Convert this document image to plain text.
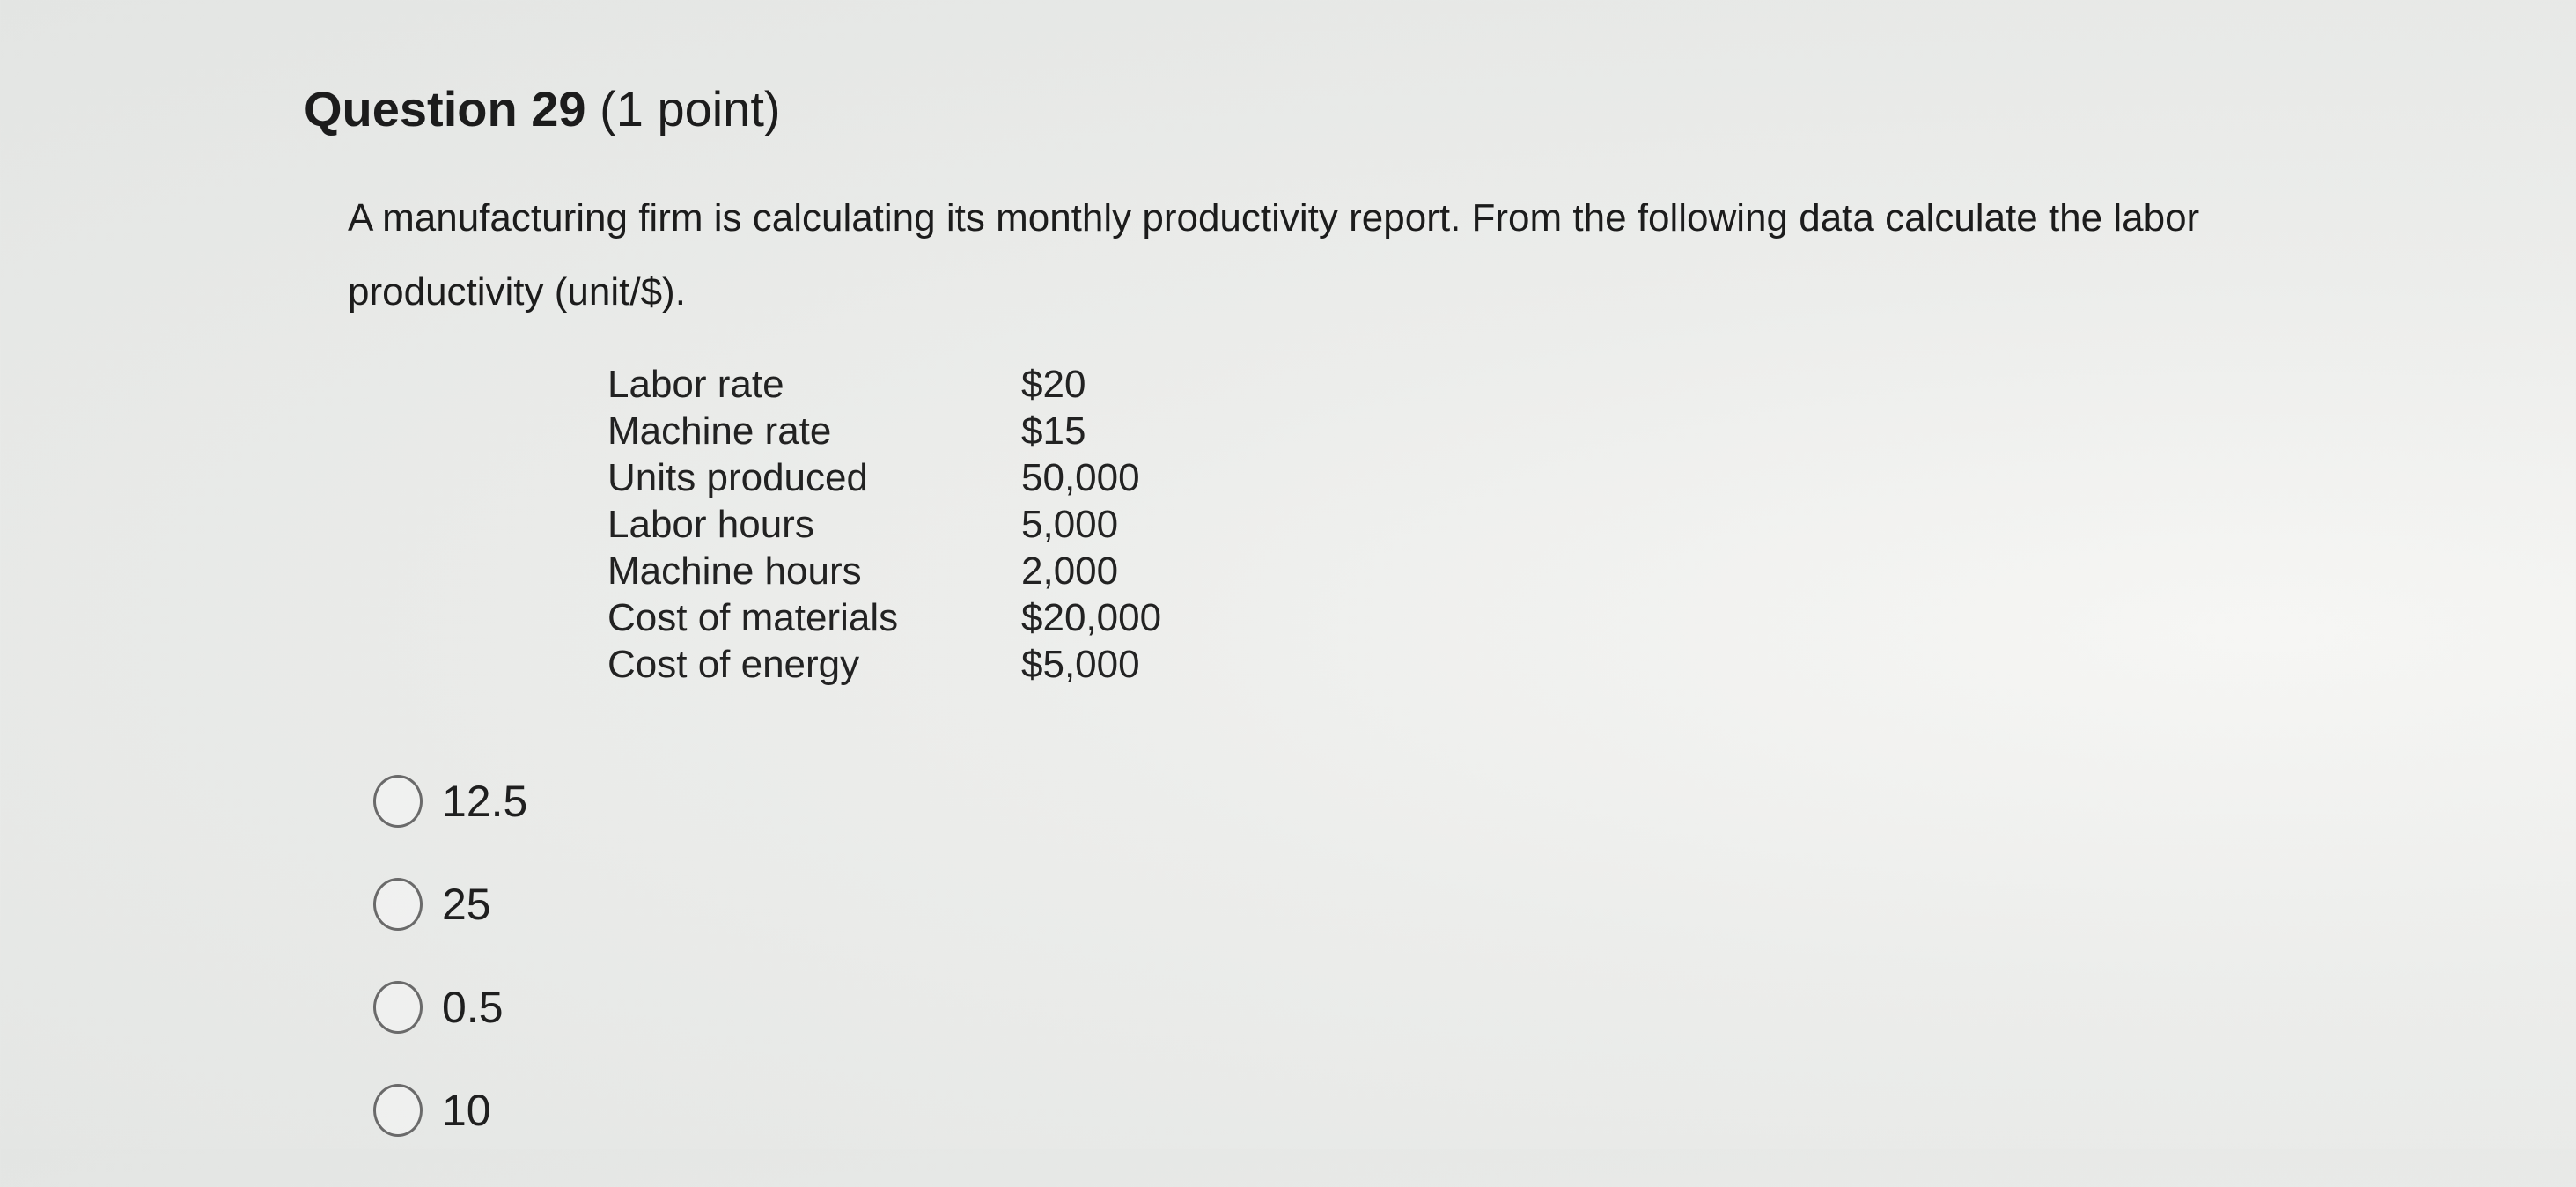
Question 29 (1 point)
A manufacturing firm is calculating its monthly productivity report. From the following data calculate the labor productivity (unit/$).
Labor rate	$20
Machine rate	$15
Units produced	50,000
Labor hours	5,000
Machine hours	2,000
Cost of materials	$20,000
Cost of energy	$5,000
12.5
25
0.5
10
